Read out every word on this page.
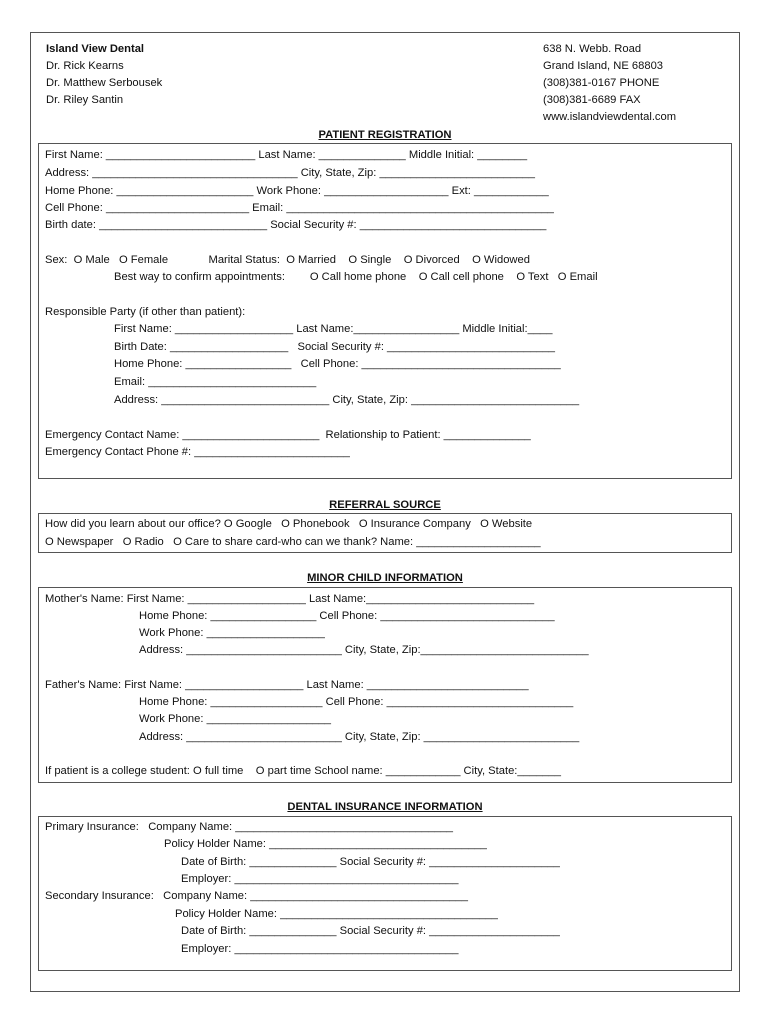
Island View Dental
Dr. Rick Kearns
Dr. Matthew Serbousek
Dr. Riley Santin
638 N. Webb. Road
Grand Island, NE 68803
(308)381-0167 PHONE
(308)381-6689 FAX
www.islandviewdental.com
PATIENT REGISTRATION
First Name: ________________________ Last Name: ______________ Middle Initial: ________
Address: _________________________________ City, State, Zip: _________________________
Home Phone: ______________________ Work Phone: ____________________ Ext: ____________
Cell Phone: _______________________ Email: ___________________________________________
Birth date: ___________________________ Social Security #: ______________________________
Sex:  O Male   O Female             Marital Status:  O Married    O Single    O Divorced    O Widowed
Best way to confirm appointments:        O Call home phone    O Call cell phone    O Text   O Email
Responsible Party (if other than patient):
First Name: ___________________ Last Name:_________________ Middle Initial:____
Birth Date: ___________________   Social Security #: ___________________________
Home Phone: _________________   Cell Phone: ________________________________
Email: ___________________________
Address: ___________________________ City, State, Zip: ___________________________
Emergency Contact Name: ______________________  Relationship to Patient: ______________
Emergency Contact Phone #: _________________________
REFERRAL SOURCE
How did you learn about our office? O Google   O Phonebook   O Insurance Company   O Website
O Newspaper   O Radio   O Care to share card-who can we thank? Name: ____________________
MINOR CHILD INFORMATION
Mother's Name: First Name: ___________________ Last Name:___________________________
Home Phone: _________________ Cell Phone: ____________________________
Work Phone: ___________________
Address: _________________________ City, State, Zip:___________________________
Father's Name: First Name: ___________________ Last Name: __________________________
Home Phone: __________________ Cell Phone: ______________________________
Work Phone: ____________________
Address: _________________________ City, State, Zip: _________________________
If patient is a college student: O full time    O part time School name: ____________ City, State:_______
DENTAL INSURANCE INFORMATION
Primary Insurance:   Company Name: ___________________________________
Policy Holder Name: ___________________________________
Date of Birth: ______________ Social Security #: _____________________
Employer: ____________________________________
Secondary Insurance:   Company Name: ___________________________________
Policy Holder Name: ___________________________________
Date of Birth: ______________ Social Security #: _____________________
Employer: ____________________________________
